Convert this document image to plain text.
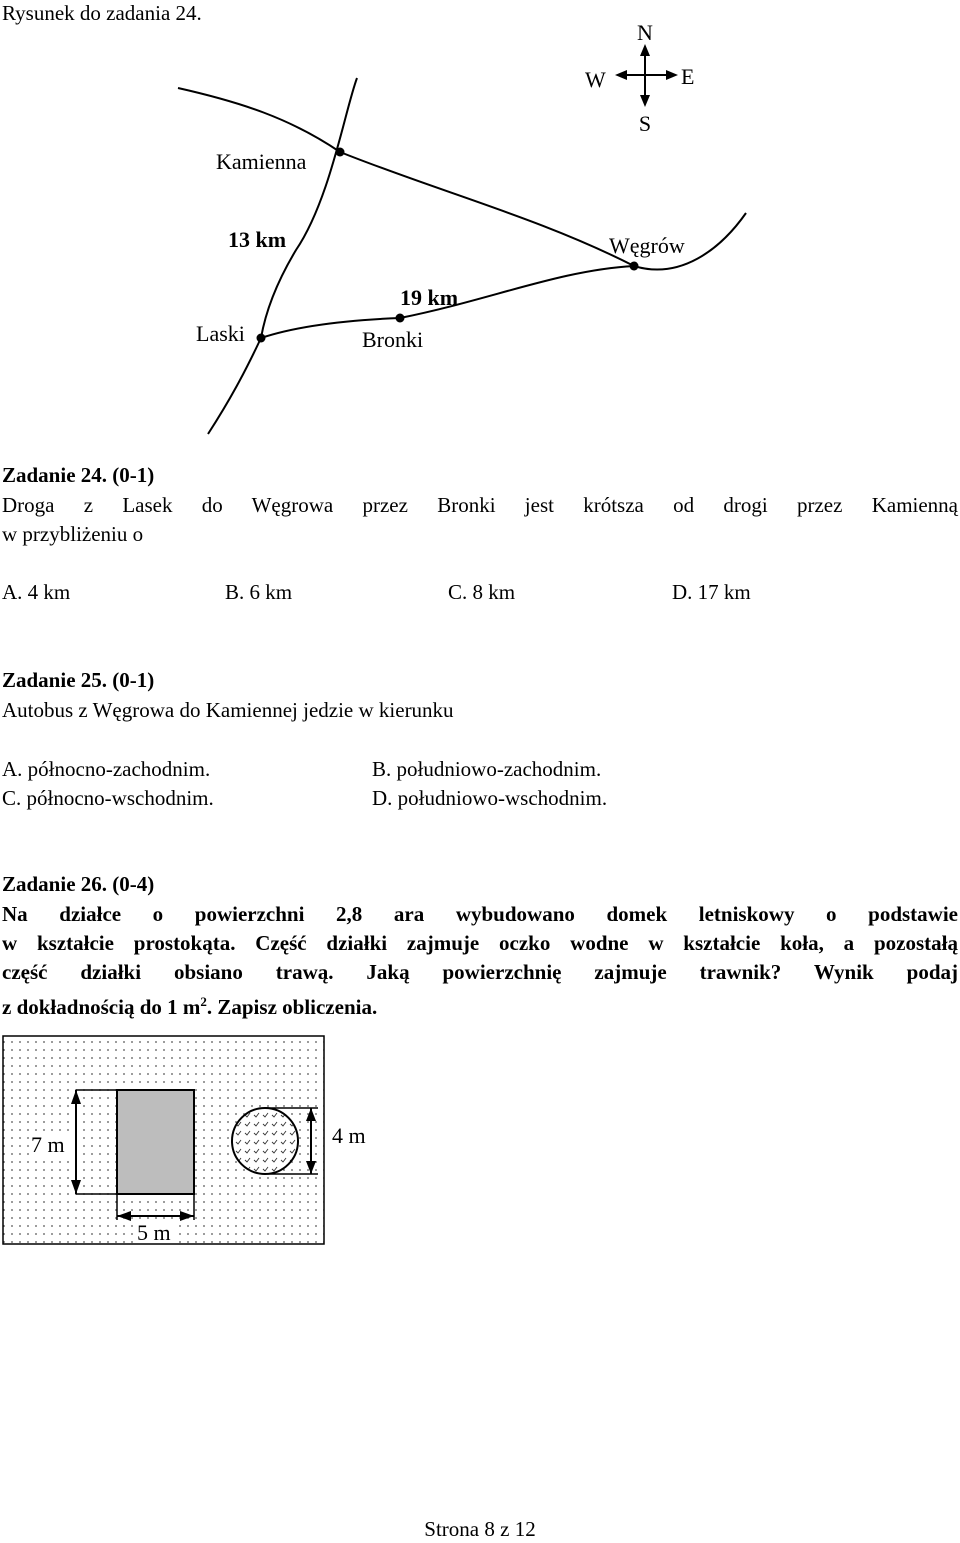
Rysunek do zadania 24.
N
S
E
W
Kamienna
Węgrów
Laski	Bronki
13 km
19 km

Zadanie 24. (0-1)

Droga z Lasek do Węgrowa przez Bronki jest krótsza od drogi przez Kamienną

w przybliżeniu o

A. 4 km	B. 6 km	C. 8 km	D. 17 km

Zadanie 25. (0-1)

Autobus z Węgrowa do Kamiennej jedzie w kierunku

A. północno-zachodnim.	B. południowo-zachodnim.
C. północno-wschodnim.	D. południowo-wschodnim.

Zadanie 26. (0-4)

Na działce o powierzchni 2,8 ara wybudowano domek letniskowy o podstawie

w kształcie prostokąta. Część działki zajmuje oczko wodne w kształcie koła, a pozostałą

część działki obsiano trawą. Jaką powierzchnię zajmuje trawnik? Wynik podaj

z dokładnością do 1 $m^2$. Zapisz obliczenia.

7 m
5 m
4 m
Strona 8 z 12
